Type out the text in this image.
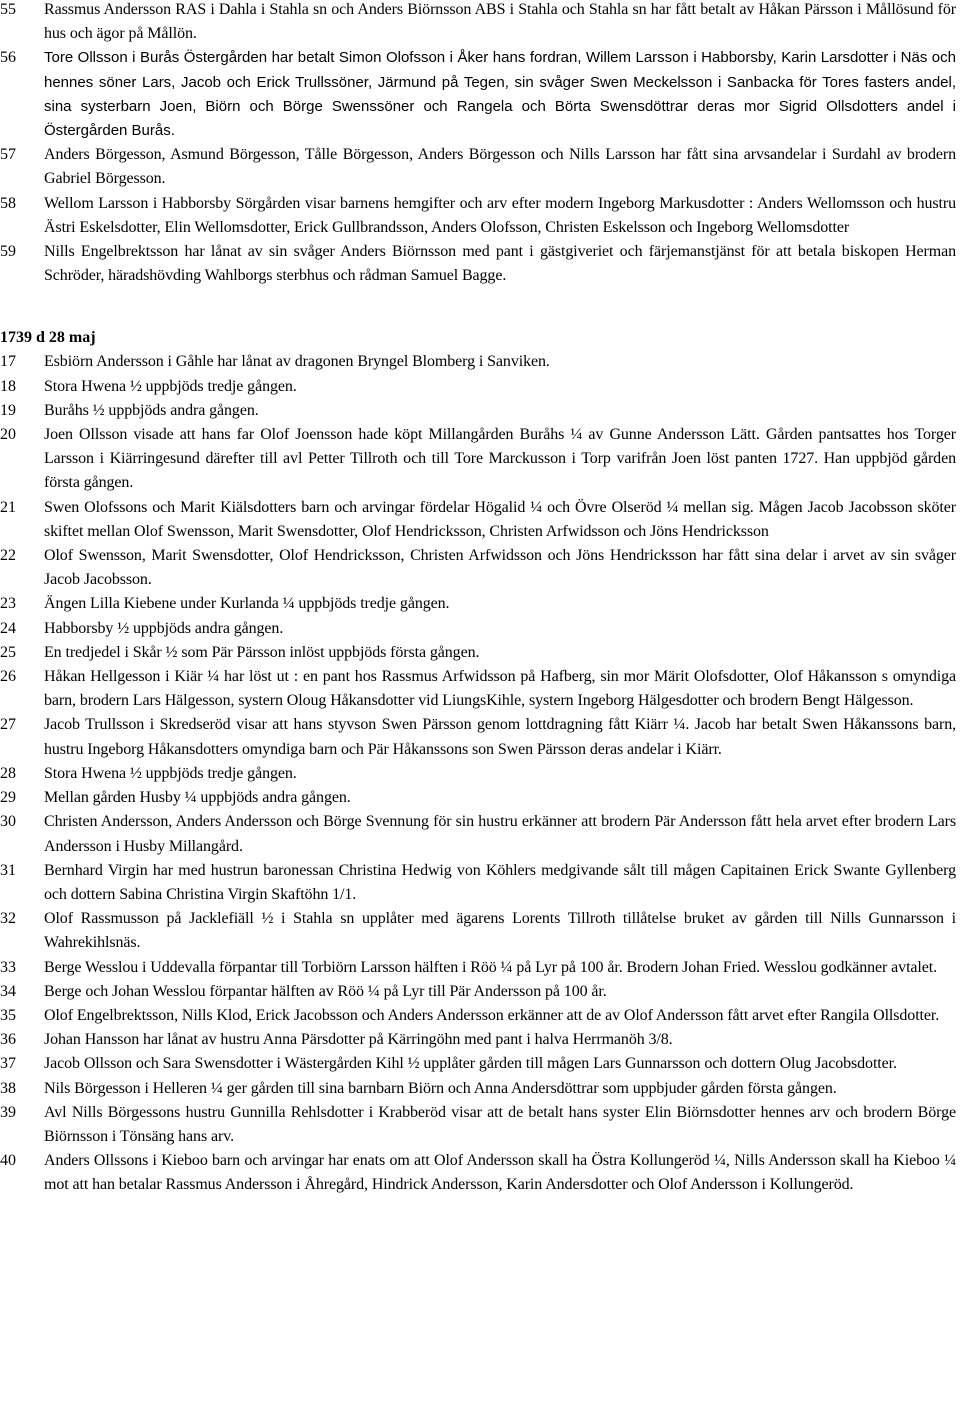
55	Rassmus Andersson RAS i Dahla i Stahla sn och Anders Biörnsson ABS i Stahla och Stahla sn har fått betalt av Håkan Pärsson i Mållösund för hus och ägor på Mållön.
56	Tore Ollsson i Burås Östergården har betalt Simon Olofsson i Åker hans fordran, Willem Larsson i Habborsby, Karin Larsdotter i Näs och hennes söner Lars, Jacob och Erick Trullssöner, Järmund på Tegen, sin svåger Swen Meckelsson i Sanbacka för Tores fasters andel, sina systerbarn Joen, Biörn och Börge Swenssöner och Rangela och Börta Swensdöttrar deras mor Sigrid Ollsdotters andel i Östergården Burås.
57	Anders Börgesson, Asmund Börgesson, Tålle Börgesson, Anders Börgesson och Nills Larsson har fått sina arvsandelar i Surdahl av brodern Gabriel Börgesson.
58	Wellom Larsson i Habborsby Sörgården visar barnens hemgifter och arv efter modern Ingeborg Markusdotter : Anders Wellomsson och hustru Ästri Eskelsdotter, Elin Wellomsdotter, Erick Gullbrandsson, Anders Olofsson, Christen Eskelsson och Ingeborg Wellomsdotter
59	Nills Engelbrektsson har lånat av sin svåger Anders Biörnsson med pant i gästgiveriet och färjemanstjänst för att betala biskopen Herman Schröder, häradshövding Wahlborgs sterbhus och rådman Samuel Bagge.
1739 d 28 maj
17	Esbiörn Andersson i Gåhle har lånat av dragonen Bryngel Blomberg i Sanviken.
18	Stora Hwena ½ uppbjöds tredje gången.
19	Buråhs ½ uppbjöds andra gången.
20	Joen Ollsson visade att hans far Olof Joensson hade köpt Millangården Buråhs ¼ av Gunne Andersson Lätt. Gården pantsattes hos Torger Larsson i Kiärringesund därefter till avl Petter Tillroth och till Tore Marckusson i Torp varifrån Joen löst panten 1727. Han uppbjöd gården första gången.
21	Swen Olofssons och Marit Kiälsdotters barn och arvingar fördelar Högalid ¼ och Övre Olseröd ¼ mellan sig. Mågen Jacob Jacobsson sköter skiftet mellan Olof Swensson, Marit Swensdotter, Olof Hendricksson, Christen Arfwidsson och Jöns Hendricksson
22	Olof Swensson, Marit Swensdotter, Olof Hendricksson, Christen Arfwidsson och Jöns Hendricksson har fått sina delar i arvet av sin svåger Jacob Jacobsson.
23	Ängen Lilla Kiebene under Kurlanda ¼ uppbjöds tredje gången.
24	Habborsby ½ uppbjöds andra gången.
25	En tredjedel i Skår ½ som Pär Pärsson inlöst uppbjöds första gången.
26	Håkan Hellgesson i Kiär ¼ har löst ut : en pant hos Rassmus Arfwidsson på Hafberg, sin mor Märit Olofsdotter, Olof Håkansson s omyndiga barn, brodern Lars Hälgesson, systern Oloug Håkansdotter vid LiungsKihle, systern Ingeborg Hälgesdotter och brodern Bengt Hälgesson.
27	Jacob Trullsson i Skredseröd visar att hans styvson Swen Pärsson genom lottdragning fått Kiärr ¼. Jacob har betalt Swen Håkanssons barn, hustru Ingeborg Håkansdotters omyndiga barn och Pär Håkanssons son Swen Pärsson deras andelar i Kiärr.
28	Stora Hwena ½ uppbjöds tredje gången.
29	Mellan gården Husby ¼ uppbjöds andra gången.
30	Christen Andersson, Anders Andersson och Börge Svennung för sin hustru erkänner att brodern Pär Andersson fått hela arvet efter brodern Lars Andersson i Husby Millangård.
31	Bernhard Virgin har med hustrun baronessan Christina Hedwig von Köhlers medgivande sålt till mågen Capitainen Erick Swante Gyllenberg och dottern Sabina Christina Virgin Skaftöhn 1/1.
32	Olof Rassmusson på Jacklefiäll ½ i Stahla sn upplåter med ägarens Lorents Tillroth tillåtelse bruket av gården till Nills Gunnarsson i Wahrekihlsnäs.
33	Berge Wesslou i Uddevalla förpantar till Torbiörn Larsson hälften i Röö ¼ på Lyr på 100 år. Brodern Johan Fried. Wesslou godkänner avtalet.
34	Berge och Johan Wesslou förpantar hälften av Röö ¼ på Lyr till Pär Andersson på 100 år.
35	Olof Engelbrektsson, Nills Klod, Erick Jacobsson och Anders Andersson erkänner att de av Olof Andersson fått arvet efter Rangila Ollsdotter.
36	Johan Hansson har lånat av hustru Anna Pärsdotter på Kärringöhn med pant i halva Herrmanöh 3/8.
37	Jacob Ollsson och Sara Swensdotter i Wästergården Kihl ½ upplåter gården till mågen Lars Gunnarsson och dottern Olug Jacobsdotter.
38	Nils Börgesson i Helleren ¼ ger gården till sina barnbarn Biörn och Anna Andersdöttrar som uppbjuder gården första gången.
39	Avl Nills Börgessons hustru Gunnilla Rehlsdotter i Krabberöd visar att de betalt hans syster Elin Biörnsdotter hennes arv och brodern Börge Biörnsson i Tönsäng hans arv.
40	Anders Ollssons i Kieboo barn och arvingar har enats om att Olof Andersson skall ha Östra Kollungeröd ¼, Nills Andersson skall ha Kieboo ¼ mot att han betalar Rassmus Andersson i Åhregård, Hindrick Andersson, Karin Andersdotter och Olof Andersson i Kollungeröd.
